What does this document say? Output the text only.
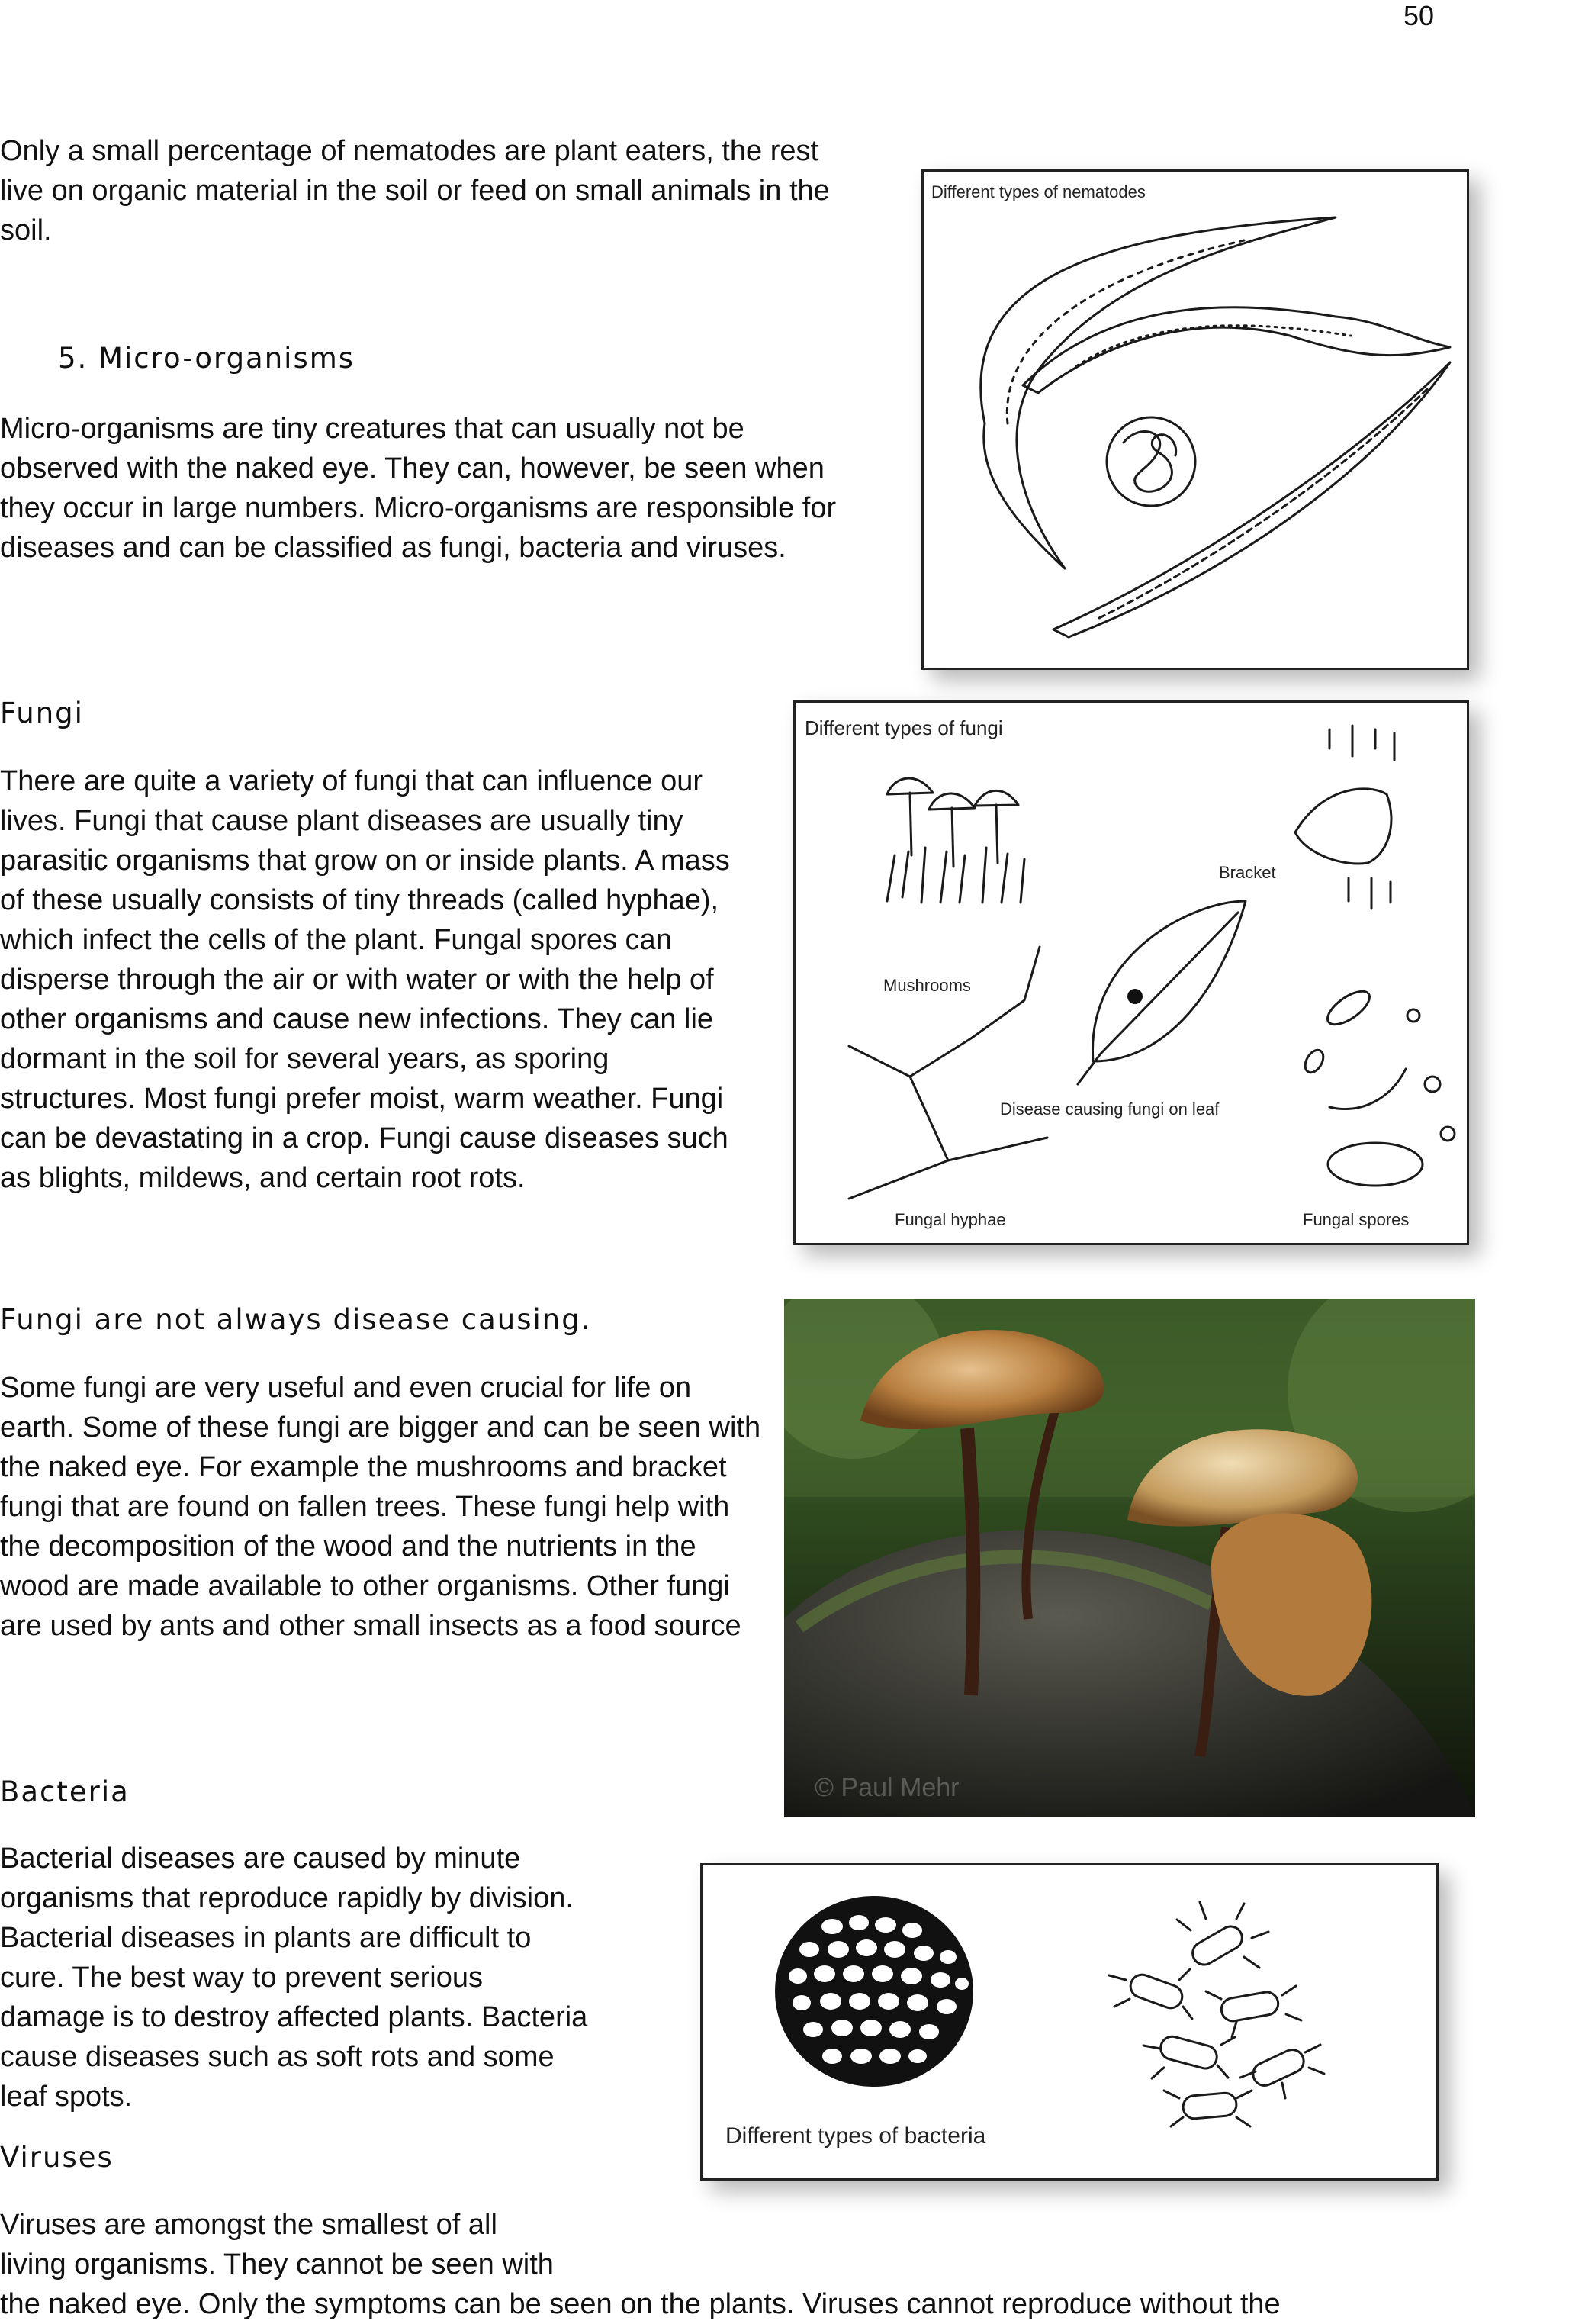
50

Only a small percentage of nematodes are plant eaters, the rest live on organic material in the soil or feed on small animals in the soil.

5. Micro-organisms

Micro-organisms are tiny creatures that can usually not be observed with the naked eye. They can, however, be seen when they occur in large numbers. Micro-organisms are responsible for diseases and can be classified as fungi, bacteria and viruses.

Fungi

There are quite a variety of fungi that can influence our lives. Fungi that cause plant diseases are usually tiny parasitic organisms that grow on or inside plants. A mass of these usually consists of tiny threads (called hyphae), which infect the cells of the plant. Fungal spores can disperse through the air or with water or with the help of other organisms and cause new infections. They can lie dormant in the soil for several years, as sporing structures. Most fungi prefer moist, warm weather. Fungi can be devastating in a crop. Fungi cause diseases such as blights, mildews, and certain root rots.

Fungi are not always disease causing.

Some fungi are very useful and even crucial for life on earth. Some of these fungi are bigger and can be seen with the naked eye. For example the mushrooms and bracket fungi that are found on fallen trees. These fungi help with the decomposition of the wood and the nutrients in the wood are made available to other organisms. Other fungi are used by ants and other small insects as a food source

Bacteria

Bacterial diseases are caused by minute organisms that reproduce rapidly by division. Bacterial diseases in plants are difficult to cure. The best way to prevent serious damage is to destroy affected plants. Bacteria cause diseases such as soft rots and some leaf spots.

Viruses
Viruses are amongst the smallest of all
living organisms. They cannot be seen with
the naked eye. Only the symptoms can be seen on the plants. Viruses cannot reproduce without the
Different types of nematodes
Different types of fungi
Bracket
Mushrooms
Disease causing fungi on leaf
Fungal hyphae	Fungal spores
© Paul Mehr
Different types of bacteria
